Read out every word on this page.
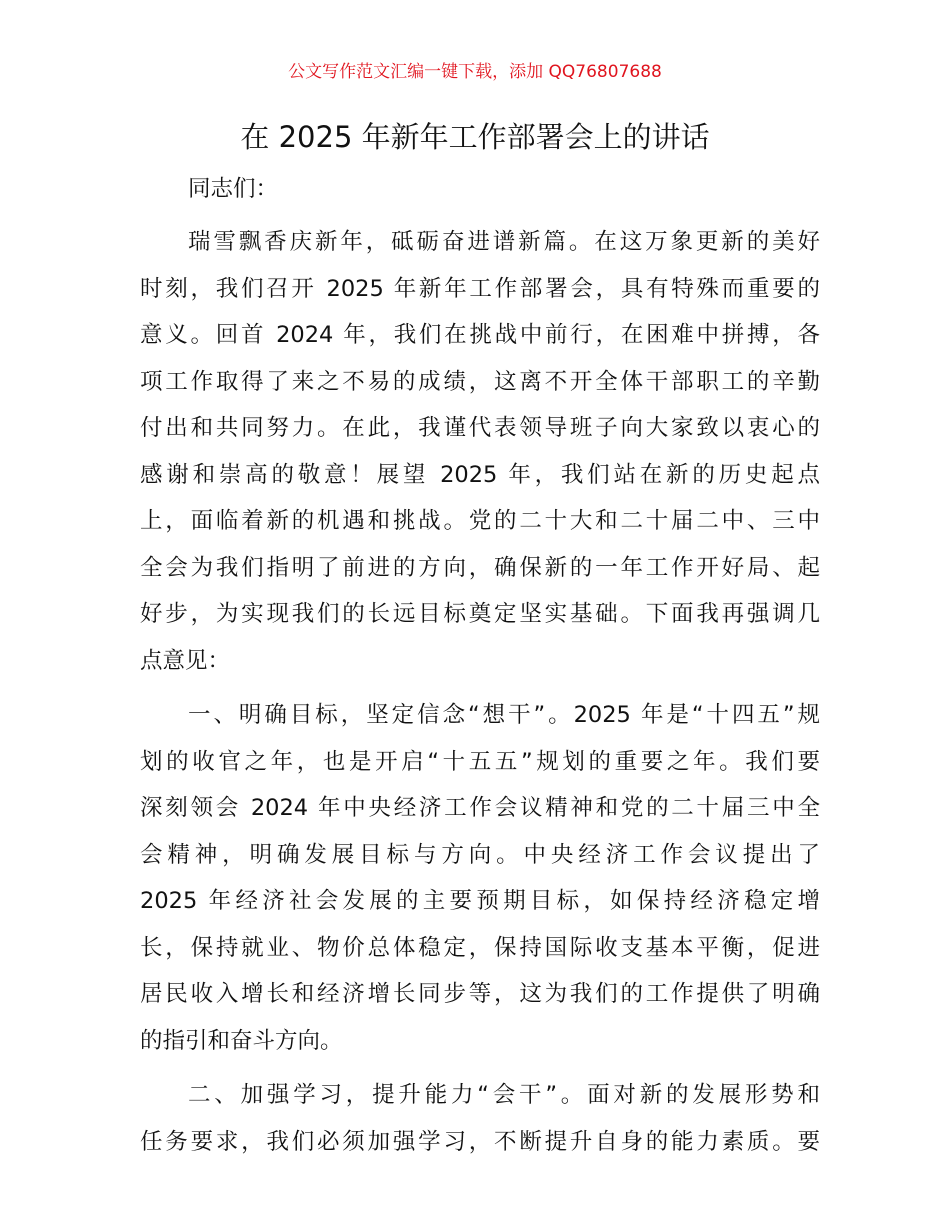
公文写作范文汇编一键下载，添加 QQ76807688
在 2025 年新年工作部署会上的讲话
同志们：
瑞雪飘香庆新年，砥砺奋进谱新篇。在这万象更新的美好
时刻，我们召开 2025 年新年工作部署会，具有特殊而重要的
意义。回首 2024 年，我们在挑战中前行，在困难中拼搏，各
项工作取得了来之不易的成绩，这离不开全体干部职工的辛勤
付出和共同努力。在此，我谨代表领导班子向大家致以衷心的
感谢和崇高的敬意！展望 2025 年，我们站在新的历史起点
上，面临着新的机遇和挑战。党的二十大和二十届二中、三中
全会为我们指明了前进的方向，确保新的一年工作开好局、起
好步，为实现我们的长远目标奠定坚实基础。下面我再强调几
点意见：
一、明确目标，坚定信念“想干”。2025 年是“十四五”规
划的收官之年，也是开启“十五五”规划的重要之年。我们要
深刻领会 2024 年中央经济工作会议精神和党的二十届三中全
会精神，明确发展目标与方向。中央经济工作会议提出了
2025 年经济社会发展的主要预期目标，如保持经济稳定增
长，保持就业、物价总体稳定，保持国际收支基本平衡，促进
居民收入增长和经济增长同步等，这为我们的工作提供了明确
的指引和奋斗方向。
二、加强学习，提升能力“会干”。面对新的发展形势和
任务要求，我们必须加强学习，不断提升自身的能力素质。要
